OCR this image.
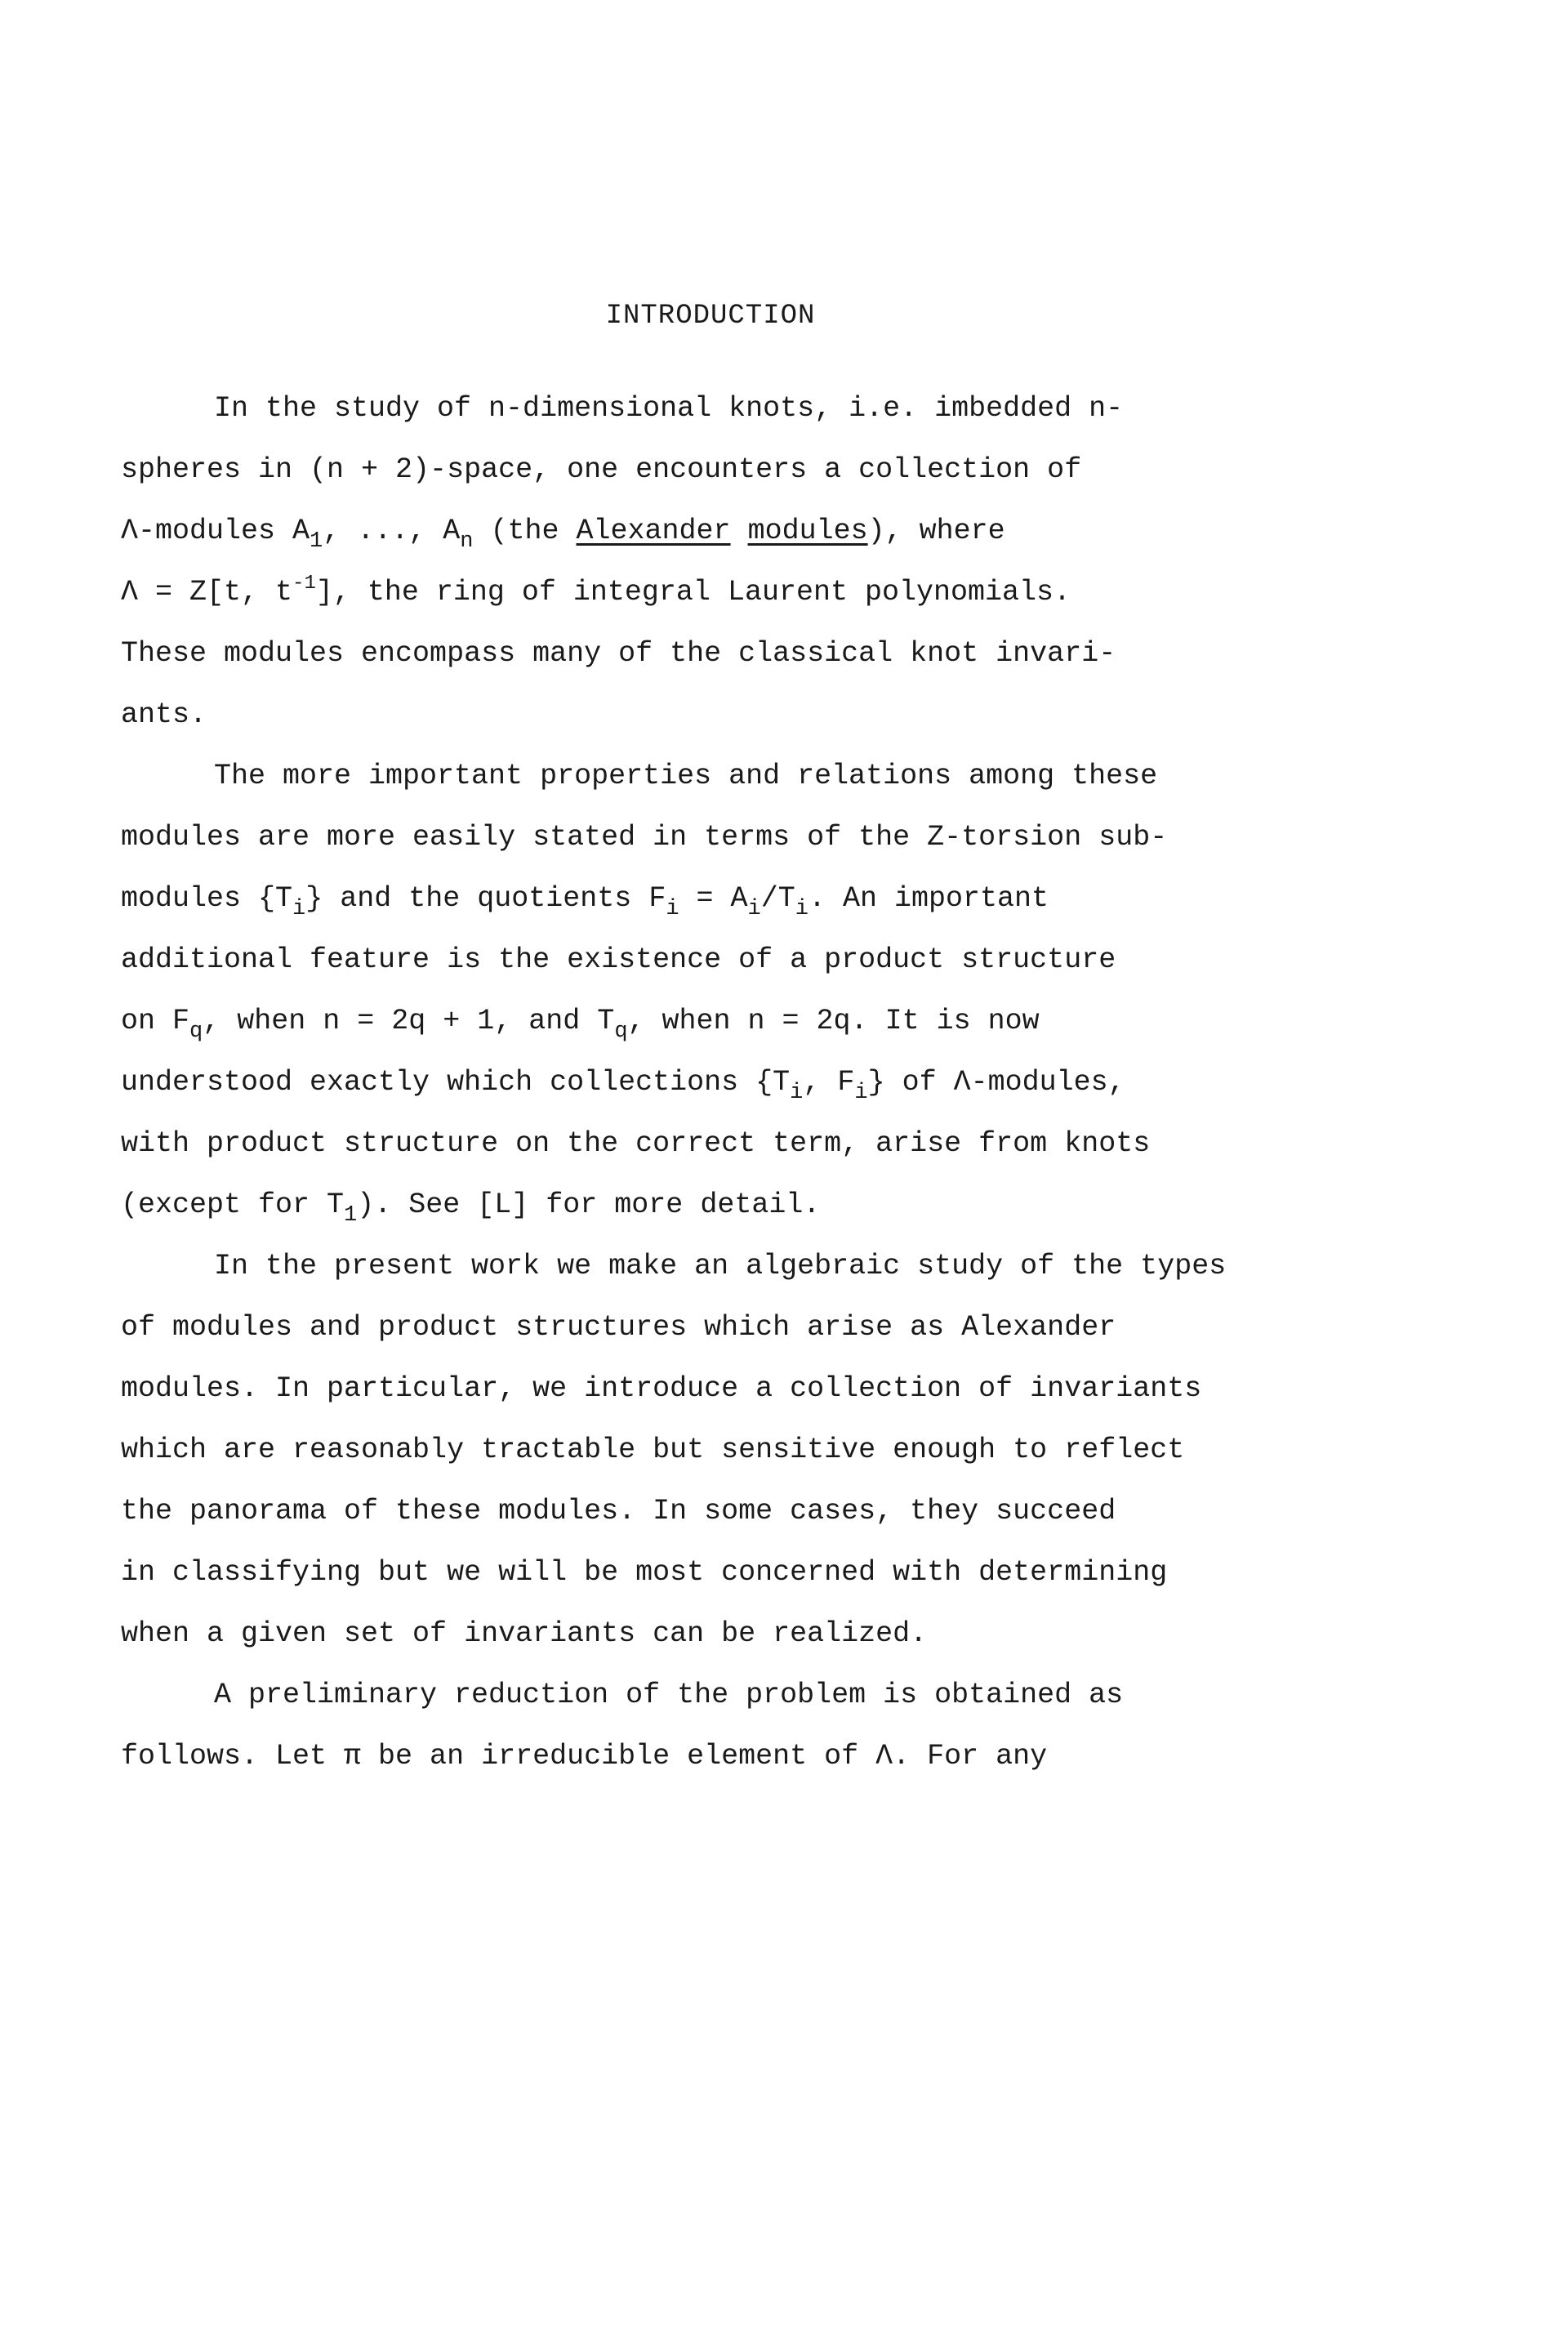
INTRODUCTION
In the study of n-dimensional knots, i.e. imbedded n-
spheres in (n + 2)-space, one encounters a collection of
Λ-modules $A_1$, ..., $A_n$ (the Alexander modules), where
Λ = Z[t, $t^{-1}$], the ring of integral Laurent polynomials.
These modules encompass many of the classical knot invari-
ants.
The more important properties and relations among these
modules are more easily stated in terms of the Z-torsion sub-
modules $\{T_i\}$ and the quotients $F_i = A_i/T_i$. An important
additional feature is the existence of a product structure
on $F_q$, when n = 2q + 1, and $T_q$, when n = 2q. It is now
understood exactly which collections {$T_i$, $F_i$} of Λ-modules,
with product structure on the correct term, arise from knots
(except for $T_1$). See [L] for more detail.
In the present work we make an algebraic study of the types
of modules and product structures which arise as Alexander
modules. In particular, we introduce a collection of invariants
which are reasonably tractable but sensitive enough to reflect
the panorama of these modules. In some cases, they succeed
in classifying but we will be most concerned with determining
when a given set of invariants can be realized.
A preliminary reduction of the problem is obtained as
follows. Let π be an irreducible element of Λ. For any
